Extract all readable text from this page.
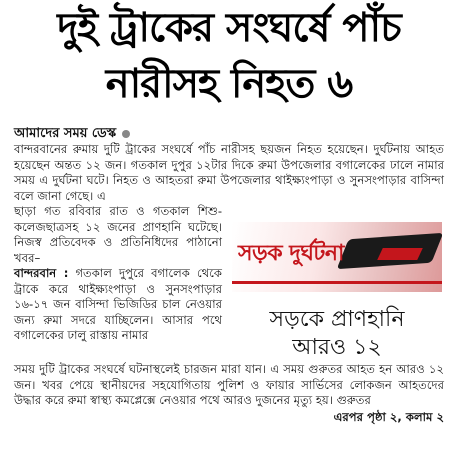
দুই ট্রাকের সংঘর্ষে পাঁচ
নারীসহ নিহত ৬
আমাদের সময় ডেস্ক

বান্দরবানের রুমায় দুটি ট্রাকের সংঘর্ষে পাঁচ নারীসহ ছয়জন নিহত হয়েছেন। দুর্ঘটনায় আহত হয়েছেন অন্তত ১২ জন। গতকাল দুপুর ১২টার দিকে রুমা উপজেলার বগালেকের ঢালে নামার সময় এ দুর্ঘটনা ঘটে। নিহত ও আহতরা রুমা উপজেলার থাইক্ষ্যংপাড়া ও সুনসংপাড়ার বাসিন্দা বলে জানা গেছে। এ

ছাড়া গত রবিবার রাত ও গতকাল শিশু-কলেজছাত্রসহ ১২ জনের প্রাণহানি ঘটেছে। নিজস্ব প্রতিবেদক ও প্রতিনিধিদের পাঠানো খবর–

বান্দরবান : গতকাল দুপুরে বগালেক থেকে ট্রাকে করে থাইক্ষ্যংপাড়া ও সুনসংপাড়ার ১৬-১৭ জন বাসিন্দা ভিজিডির চাল নেওয়ার জন্য রুমা সদরে যাচ্ছিলেন। আসার পথে বগালেকের ঢালু রাস্তায় নামার

সড়ক দুর্ঘটনা
সড়কে প্রাণহানি
আরও ১২
সময় দুটি ট্রাকের সংঘর্ষে ঘটনাস্থলেই চারজন মারা যান। এ সময় গুরুতর আহত হন আরও ১২ জন। খবর পেয়ে স্থানীয়দের সহযোগিতায় পুলিশ ও ফায়ার সার্ভিসের লোকজন আহতদের উদ্ধার করে রুমা স্বাস্থ্য কমপ্লেক্সে নেওয়ার পথে আরও দুজনের মৃত্যু হয়। গুরুতর
এরপর পৃষ্ঠা ২, কলাম ২
